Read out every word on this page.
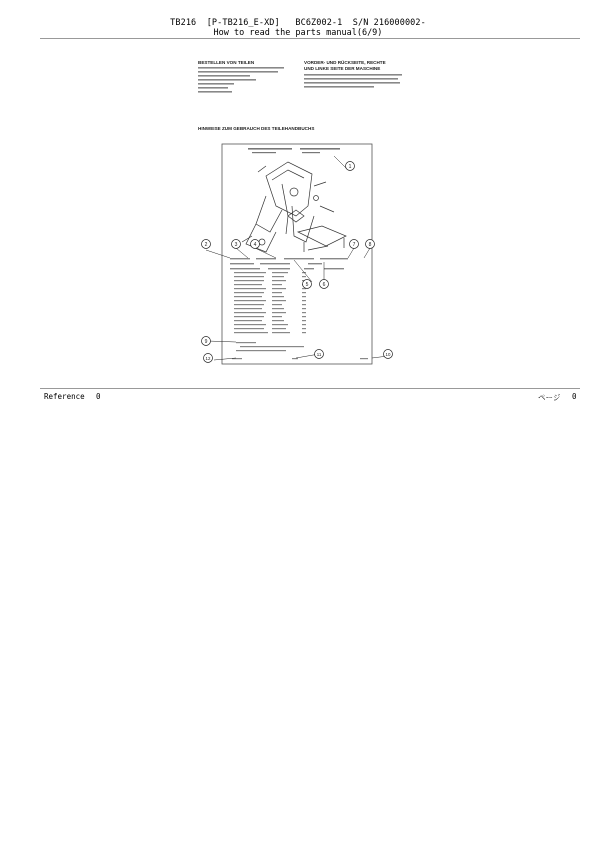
TB216  [P-TB216_E-XD]   BC6Z002-1  S/N 216000002-
How to read the parts manual(6/9)
BESTELLEN VON TEILEN	VORDER- UND RÜCKSEITE, RECHTE
UND LINKE SEITE DER MASCHINE
HINWEISE ZUM GEBRAUCH DES TEILEHANDBUCHS
1
2	3	4
5	6
7	8
9
10
11
12
Reference 0	ページ 0
